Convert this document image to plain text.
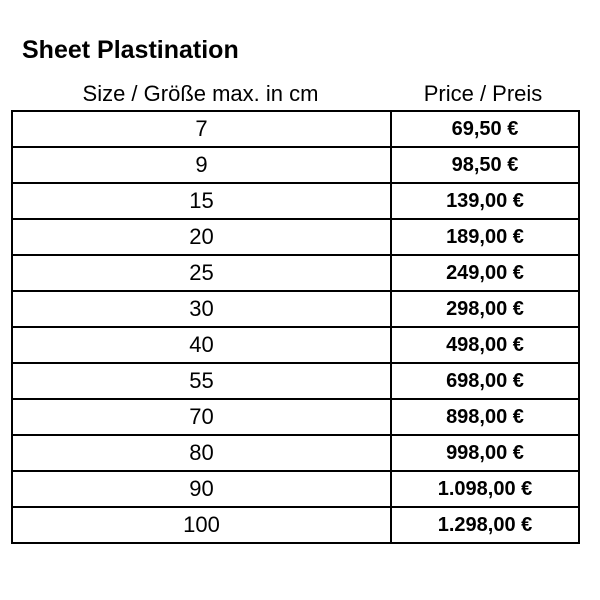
Sheet Plastination
Size / Größe max. in cm	Price / Preis
7	69,50 €
9	98,50 €
15	139,00 €
20	189,00 €
25	249,00 €
30	298,00 €
40	498,00 €
55	698,00 €
70	898,00 €
80	998,00 €
90	1.098,00 €
100	1.298,00 €
